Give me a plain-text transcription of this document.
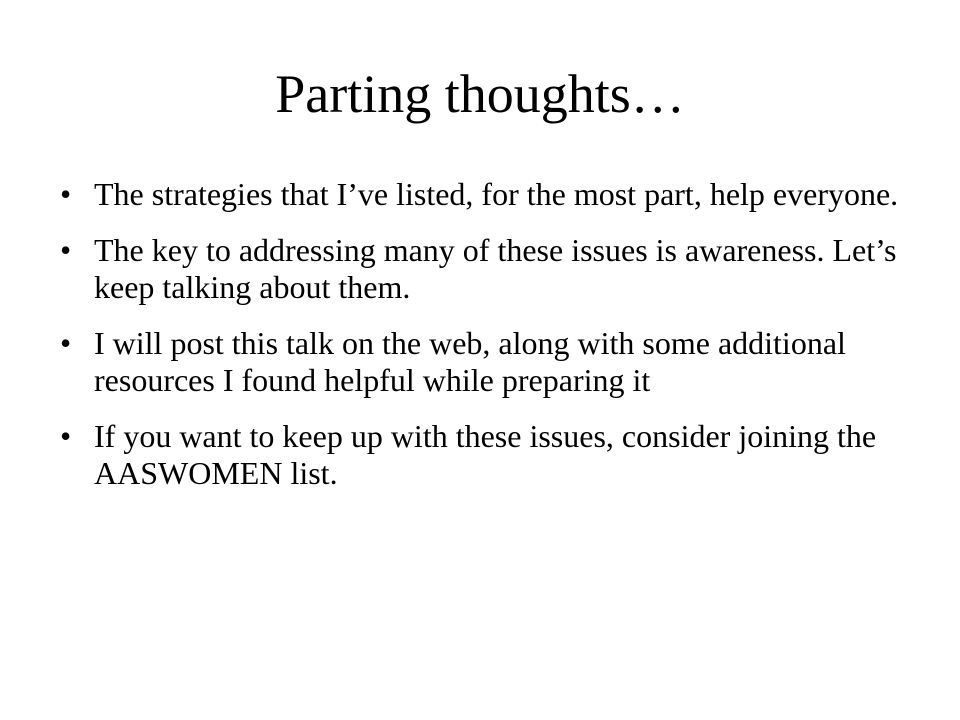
Parting thoughts…
• The strategies that I’ve listed, for the most part, help everyone.
• The key to addressing many of these issues is awareness. Let’s keep talking about them.
• I will post this talk on the web, along with some additional resources I found helpful while preparing it
• If you want to keep up with these issues, consider joining the AASWOMEN list.
